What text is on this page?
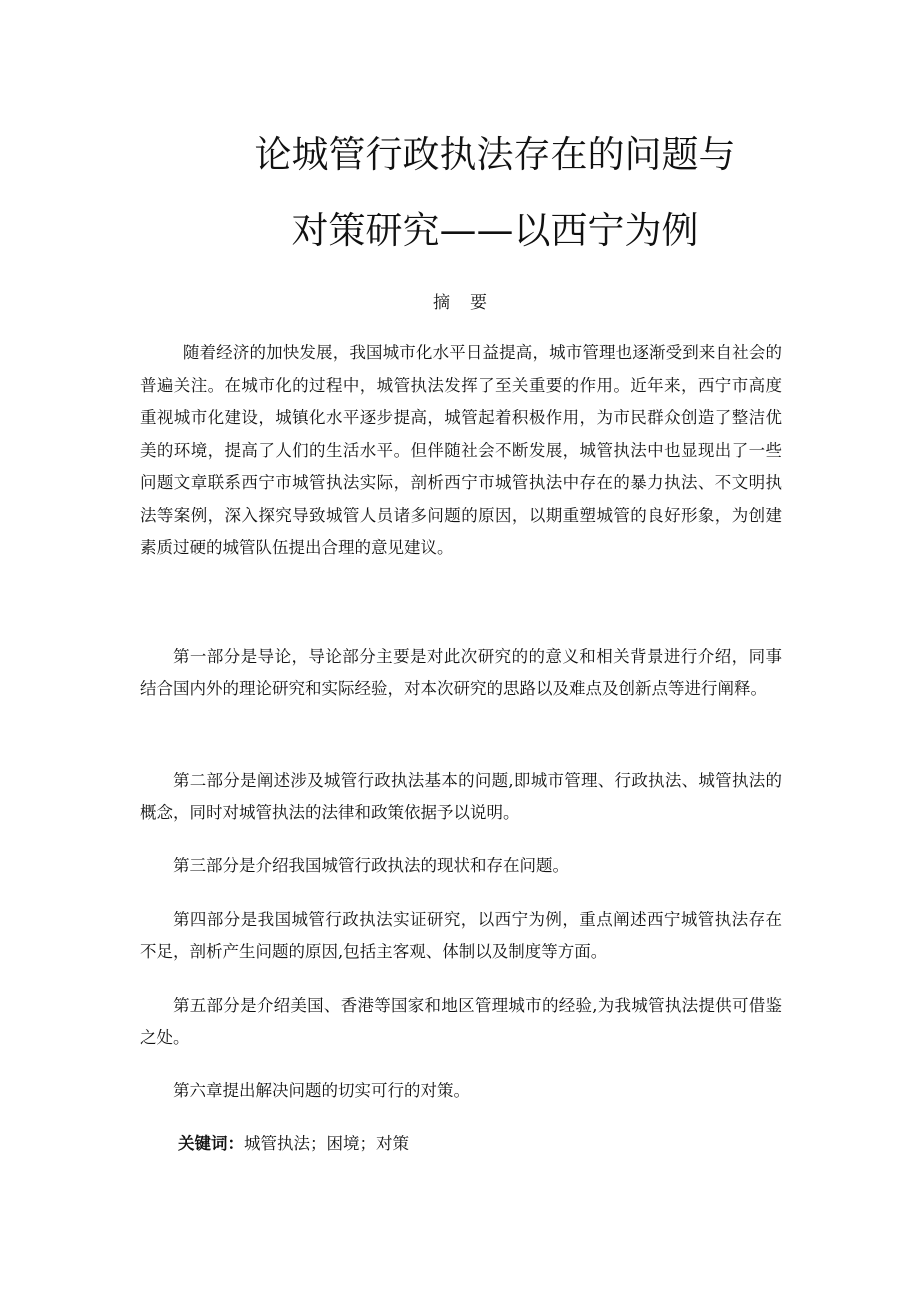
论城管行政执法存在的问题与
对策研究——以西宁为例
摘要

随着经济的加快发展，我国城市化水平日益提高，城市管理也逐渐受到来自社会的普遍关注。在城市化的过程中，城管执法发挥了至关重要的作用。近年来，西宁市高度重视城市化建设，城镇化水平逐步提高，城管起着积极作用，为市民群众创造了整洁优美的环境，提高了人们的生活水平。但伴随社会不断发展，城管执法中也显现出了一些问题文章联系西宁市城管执法实际，剖析西宁市城管执法中存在的暴力执法、不文明执法等案例，深入探究导致城管人员诸多问题的原因，以期重塑城管的良好形象，为创建素质过硬的城管队伍提出合理的意见建议。

第一部分是导论，导论部分主要是对此次研究的的意义和相关背景进行介绍，同事结合国内外的理论研究和实际经验，对本次研究的思路以及难点及创新点等进行阐释。

第二部分是阐述涉及城管行政执法基本的问题,即城市管理、行政执法、城管执法的概念，同时对城管执法的法律和政策依据予以说明。

第三部分是介绍我国城管行政执法的现状和存在问题。

第四部分是我国城管行政执法实证研究，以西宁为例，重点阐述西宁城管执法存在不足，剖析产生问题的原因,包括主客观、体制以及制度等方面。

第五部分是介绍美国、香港等国家和地区管理城市的经验,为我城管执法提供可借鉴之处。

第六章提出解决问题的切实可行的对策。

关键词：城管执法；困境；对策
